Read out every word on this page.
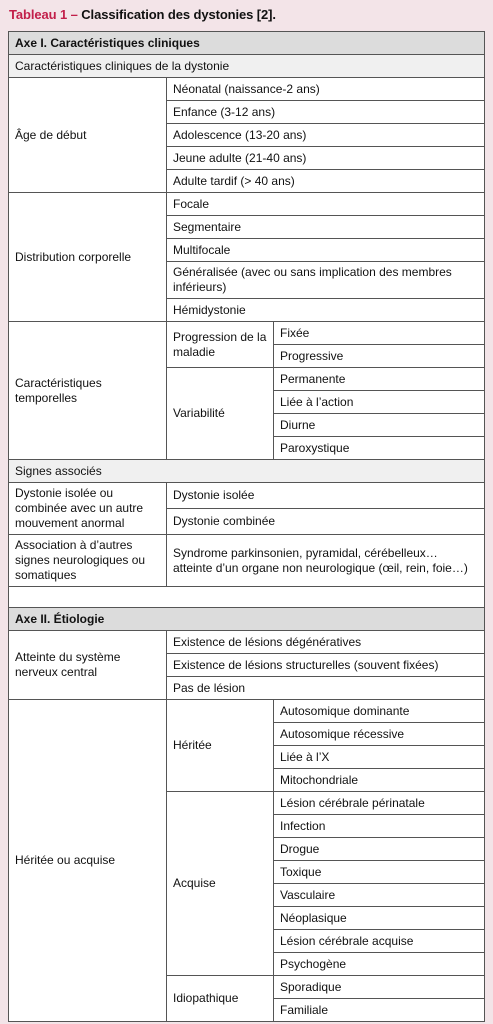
Tableau 1 – Classification des dystonies [2].
Axe I. Caractéristiques cliniques		
Caractéristiques cliniques de la dystonie		
Âge de début	Néonatal (naissance-2 ans)	
	Enfance (3-12 ans)	
	Adolescence (13-20 ans)	
	Jeune adulte (21-40 ans)	
	Adulte tardif (> 40 ans)	
Distribution corporelle	Focale	
	Segmentaire	
	Multifocale	
	Généralisée (avec ou sans implication des membres inférieurs)	
	Hémidystonie	
Caractéristiques temporelles	Progression de la maladie	Fixée
		Progressive
	Variabilité	Permanente
		Liée à l’action
		Diurne
		Paroxystique
Signes associés		
Dystonie isolée ou combinée avec un autre mouvement anormal	Dystonie isolée	
	Dystonie combinée	
Association à d’autres signes neurologiques ou somatiques	Syndrome parkinsonien, pyramidal, cérébelleux… atteinte d’un organe non neurologique (œil, rein, foie…)	

Axe II. Étiologie		
Atteinte du système nerveux central	Existence de lésions dégénératives	
	Existence de lésions structurelles (souvent fixées)	
	Pas de lésion	
Héritée ou acquise	Héritée	Autosomique dominante
		Autosomique récessive
		Liée à l’X
		Mitochondriale
	Acquise	Lésion cérébrale périnatale
		Infection
		Drogue
		Toxique
		Vasculaire
		Néoplasique
		Lésion cérébrale acquise
		Psychogène
	Idiopathique	Sporadique
		Familiale
